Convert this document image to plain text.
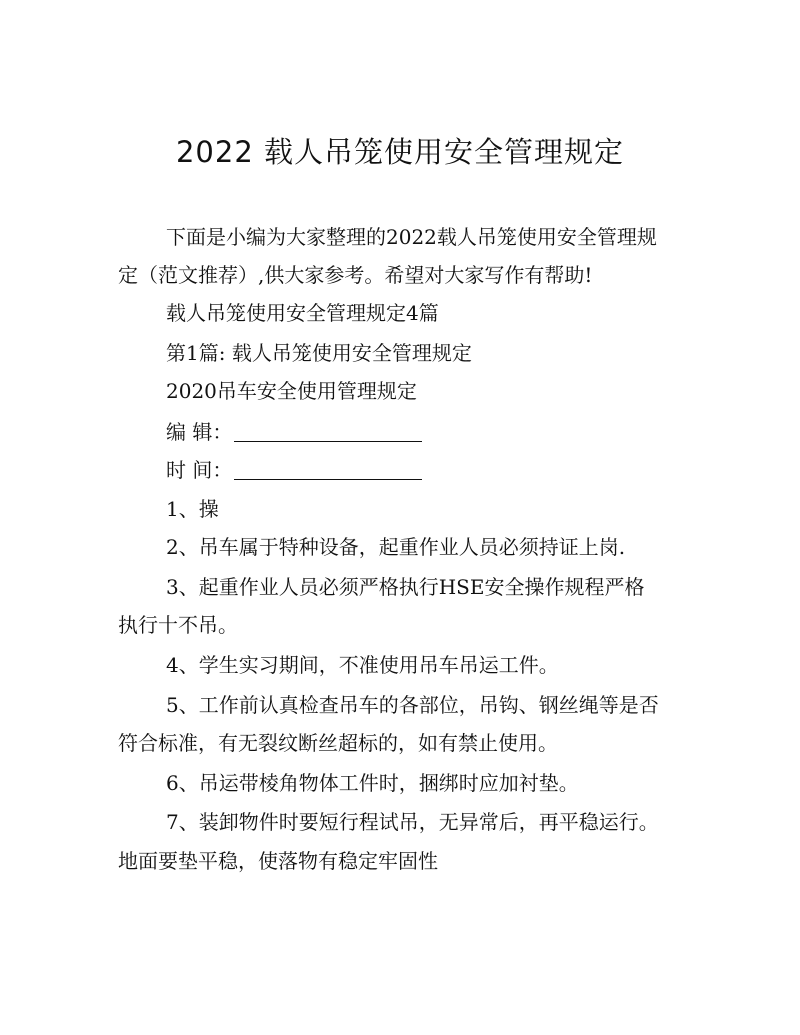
2022 载人吊笼使用安全管理规定
下面是小编为大家整理的2022载人吊笼使用安全管理规
定（范文推荐）,供大家参考。希望对大家写作有帮助!
载人吊笼使用安全管理规定4篇
第1篇: 载人吊笼使用安全管理规定
2020吊车安全使用管理规定
编 辑：
时 间：
1、操
2、吊车属于特种设备，起重作业人员必须持证上岗.
3、起重作业人员必须严格执行HSE安全操作规程严格
执行十不吊。
4、学生实习期间，不准使用吊车吊运工件。
5、工作前认真检查吊车的各部位，吊钩、钢丝绳等是否
符合标准，有无裂纹断丝超标的，如有禁止使用。
6、吊运带棱角物体工件时，捆绑时应加衬垫。
7、装卸物件时要短行程试吊，无异常后，再平稳运行。
地面要垫平稳，使落物有稳定牢固性
